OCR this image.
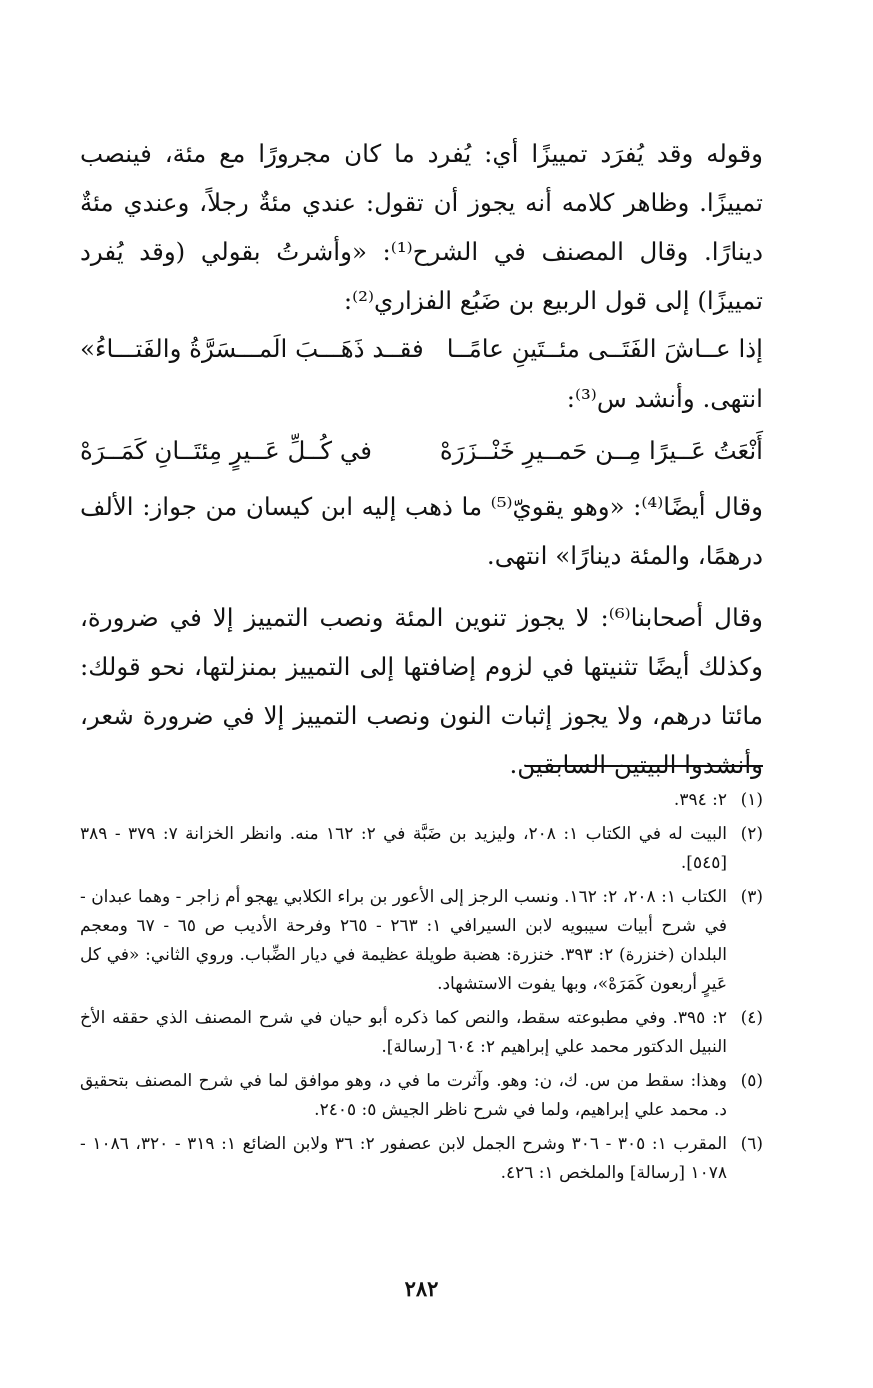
وقوله وقد يُفرَد تمييزًا أي: يُفرد ما كان مجرورًا مع مئة، فينصب تمييزًا. وظاهر كلامه أنه يجوز أن تقول: عندي مئةٌ رجلاً، وعندي مئةٌ دينارًا. وقال المصنف في الشرح⁽¹⁾: «وأشرتُ بقولي (وقد يُفرد تمييزًا) إلى قول الربيع بن ضَبُع الفزاري⁽²⁾:

إذا عــاشَ الفَتَــى مئــتَينِ عامًــا
فقــد ذَهَـــبَ الَمـــسَرَّةُ والفَتـــاءُ»

انتهى. وأنشد س⁽³⁾:

أَنْعَتُ عَــيرًا مِــن حَمــيرِ خَنْــزَرَهْ
في كُــلِّ عَــيرٍ مِئتَــانِ كَمَــرَهْ

وقال أيضًا⁽⁴⁾: «وهو يقويّ⁽⁵⁾ ما ذهب إليه ابن كيسان من جواز: الألف درهمًا، والمئة دينارًا» انتهى.

وقال أصحابنا⁽⁶⁾: لا يجوز تنوين المئة ونصب التمييز إلا في ضرورة، وكذلك أيضًا تثنيتها في لزوم إضافتها إلى التمييز بمنزلتها، نحو قولك: مائتا درهم، ولا يجوز إثبات النون ونصب التمييز إلا في ضرورة شعر، وأنشدوا البيتين السابقين.

(١)
٢: ٣٩٤.
(٢)
البيت له في الكتاب ١: ٢٠٨، وليزيد بن ضَبَّة في ٢: ١٦٢ منه. وانظر الخزانة ٧: ٣٧٩ - ٣٨٩ [٥٤٥].
(٣)
الكتاب ١: ٢٠٨، ٢: ١٦٢. ونسب الرجز إلى الأعور بن براء الكلابي يهجو أم زاجر - وهما عبدان - في شرح أبيات سيبويه لابن السيرافي ١: ٢٦٣ - ٢٦٥ وفرحة الأديب ص ٦٥ - ٦٧ ومعجم البلدان (خنزرة) ٢: ٣٩٣. خنزرة: هضبة طويلة عظيمة في ديار الضِّباب. وروي الثاني: «في كل عَيرٍ أربعون كَمَرَهْ»، وبها يفوت الاستشهاد.
(٤)
٢: ٣٩٥. وفي مطبوعته سقط، والنص كما ذكره أبو حيان في شرح المصنف الذي حققه الأخ النبيل الدكتور محمد علي إبراهيم ٢: ٦٠٤ [رسالة].
(٥)
وهذا: سقط من س. ك، ن: وهو. وآثرت ما في د، وهو موافق لما في شرح المصنف بتحقيق د. محمد علي إبراهيم، ولما في شرح ناظر الجيش ٥: ٢٤٠٥.
(٦)
المقرب ١: ٣٠٥ - ٣٠٦ وشرح الجمل لابن عصفور ٢: ٣٦ ولابن الضائع ١: ٣١٩ - ٣٢٠، ١٠٨٦ - ١٠٧٨ [رسالة] والملخص ١: ٤٢٦.
٢٨٢
